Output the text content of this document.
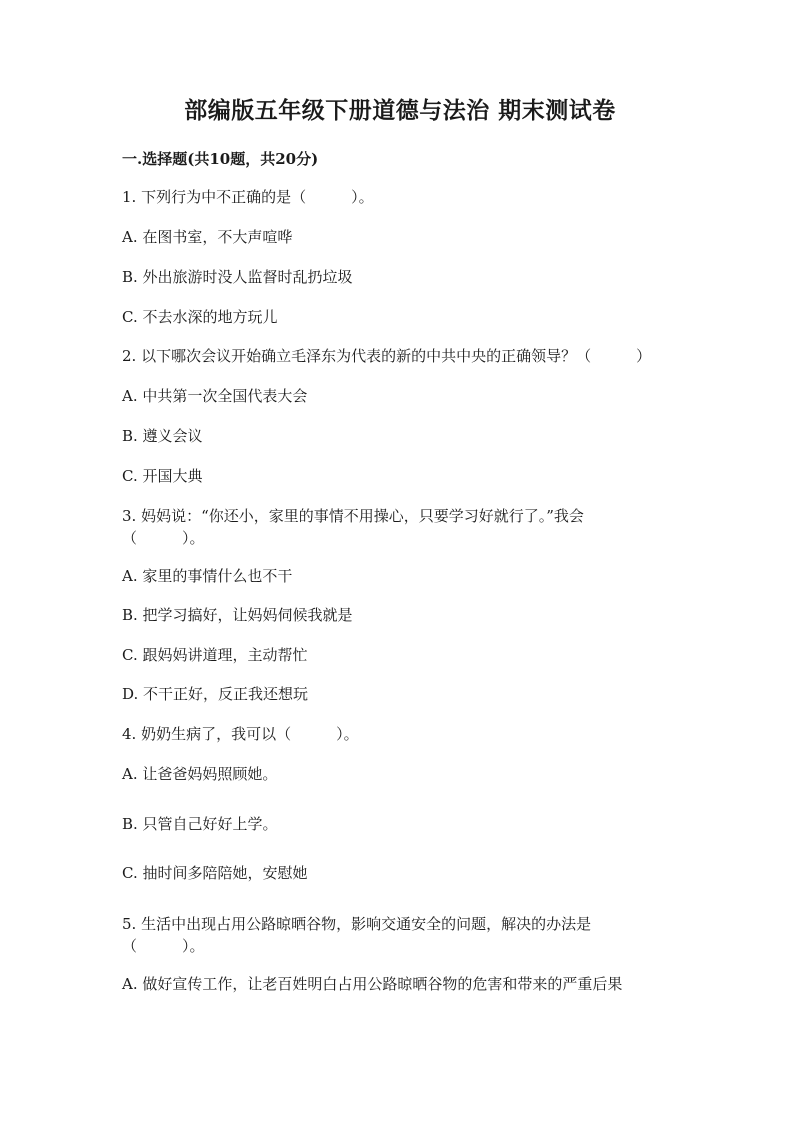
部编版五年级下册道德与法治 期末测试卷
一.选择题(共10题，共20分)
1. 下列行为中不正确的是（　　　）。
A. 在图书室，不大声喧哗
B. 外出旅游时没人监督时乱扔垃圾
C. 不去水深的地方玩儿
2. 以下哪次会议开始确立毛泽东为代表的新的中共中央的正确领导？（　　　）
A. 中共第一次全国代表大会
B. 遵义会议
C. 开国大典
3. 妈妈说：“你还小，家里的事情不用操心，只要学习好就行了。”我会
（　　　）。
A. 家里的事情什么也不干
B. 把学习搞好，让妈妈伺候我就是
C. 跟妈妈讲道理，主动帮忙
D. 不干正好，反正我还想玩
4. 奶奶生病了，我可以（　　　）。
A. 让爸爸妈妈照顾她。
B. 只管自己好好上学。
C. 抽时间多陪陪她，安慰她
5. 生活中出现占用公路晾晒谷物，影响交通安全的问题，解决的办法是
（　　　）。
A. 做好宣传工作，让老百姓明白占用公路晾晒谷物的危害和带来的严重后果
